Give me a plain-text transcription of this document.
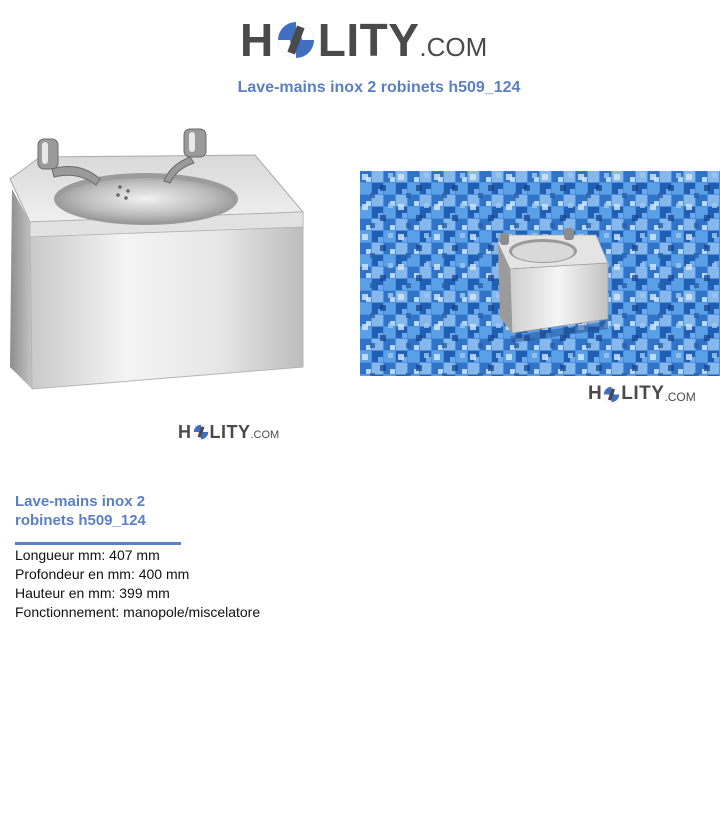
H LITY .COM
Lave-mains inox 2 robinets h509_124
H LITY .COM
H LITY .COM
Lave-mains inox 2
robinets h509_124
Longueur mm: 407 mm
Profondeur en mm: 400 mm
Hauteur en mm: 399 mm
Fonctionnement: manopole/miscelatore
